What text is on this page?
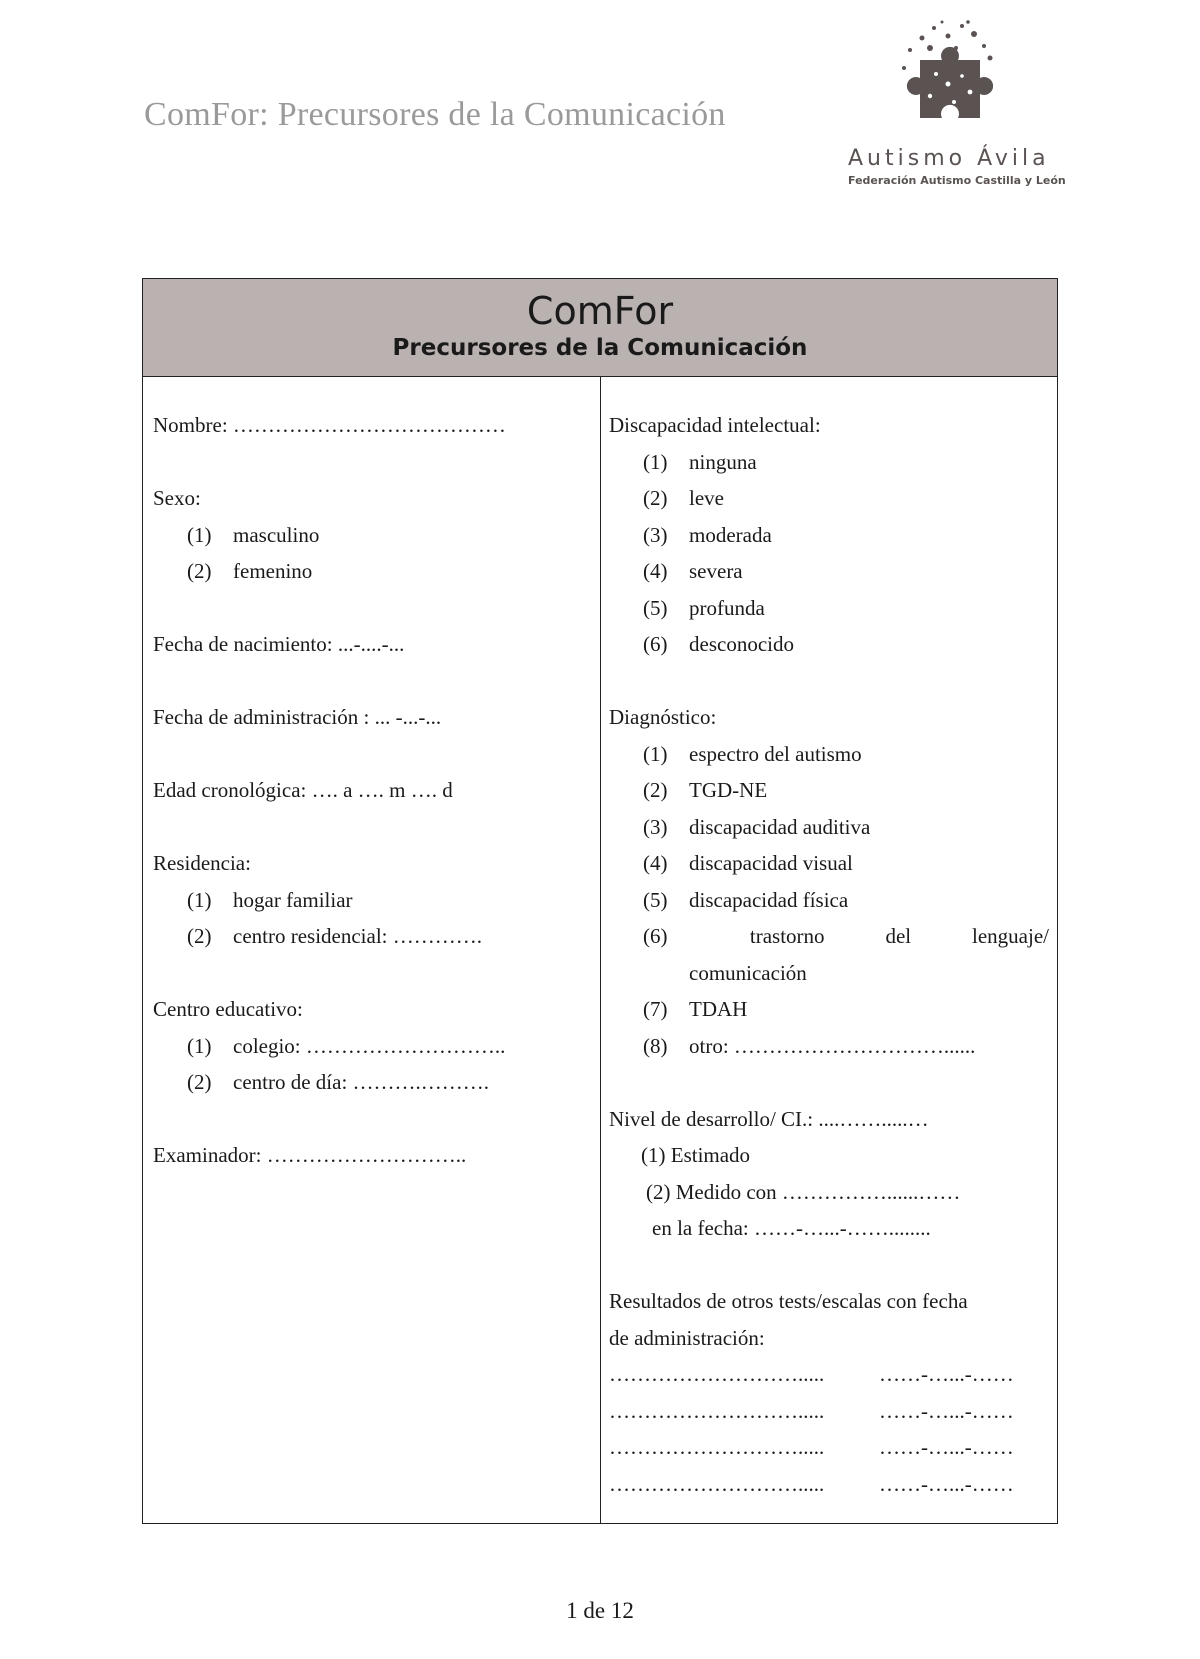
ComFor: Precursores de la Comunicación
Autismo Ávila
Federación Autismo Castilla y León
ComFor
Precursores de la Comunicación
Nombre: …………………………………
Sexo:
(1) masculino
(2) femenino
Fecha de nacimiento: ...-....-...
Fecha de administración : ... -...-...
Edad cronológica: …. a …. m …. d
Residencia:
(1) hogar familiar
(2) centro residencial: ………….
Centro educativo:
(1) colegio: ………………………..
(2) centro de día: ……….……….
Examinador: ………………………..
Discapacidad intelectual:
(1) ninguna
(2) leve
(3) moderada
(4) severa
(5) profunda
(6) desconocido
Diagnóstico:
(1) espectro del autismo
(2) TGD-NE
(3) discapacidad auditiva
(4) discapacidad visual
(5) discapacidad física
(6)	trastorno	del	lenguaje/
comunicación
(7) TDAH
(8) otro: …………………………......
Nivel de desarrollo/ CI.: ....…….....…
(1) Estimado
(2) Medido con ……………......……
en la fecha: ……-…...-……........
Resultados de otros tests/escalas con fecha
de administración:
……………………….....	……-…...-……
……………………….....	……-…...-……
……………………….....	……-…...-……
……………………….....	……-…...-……
1 de 12
